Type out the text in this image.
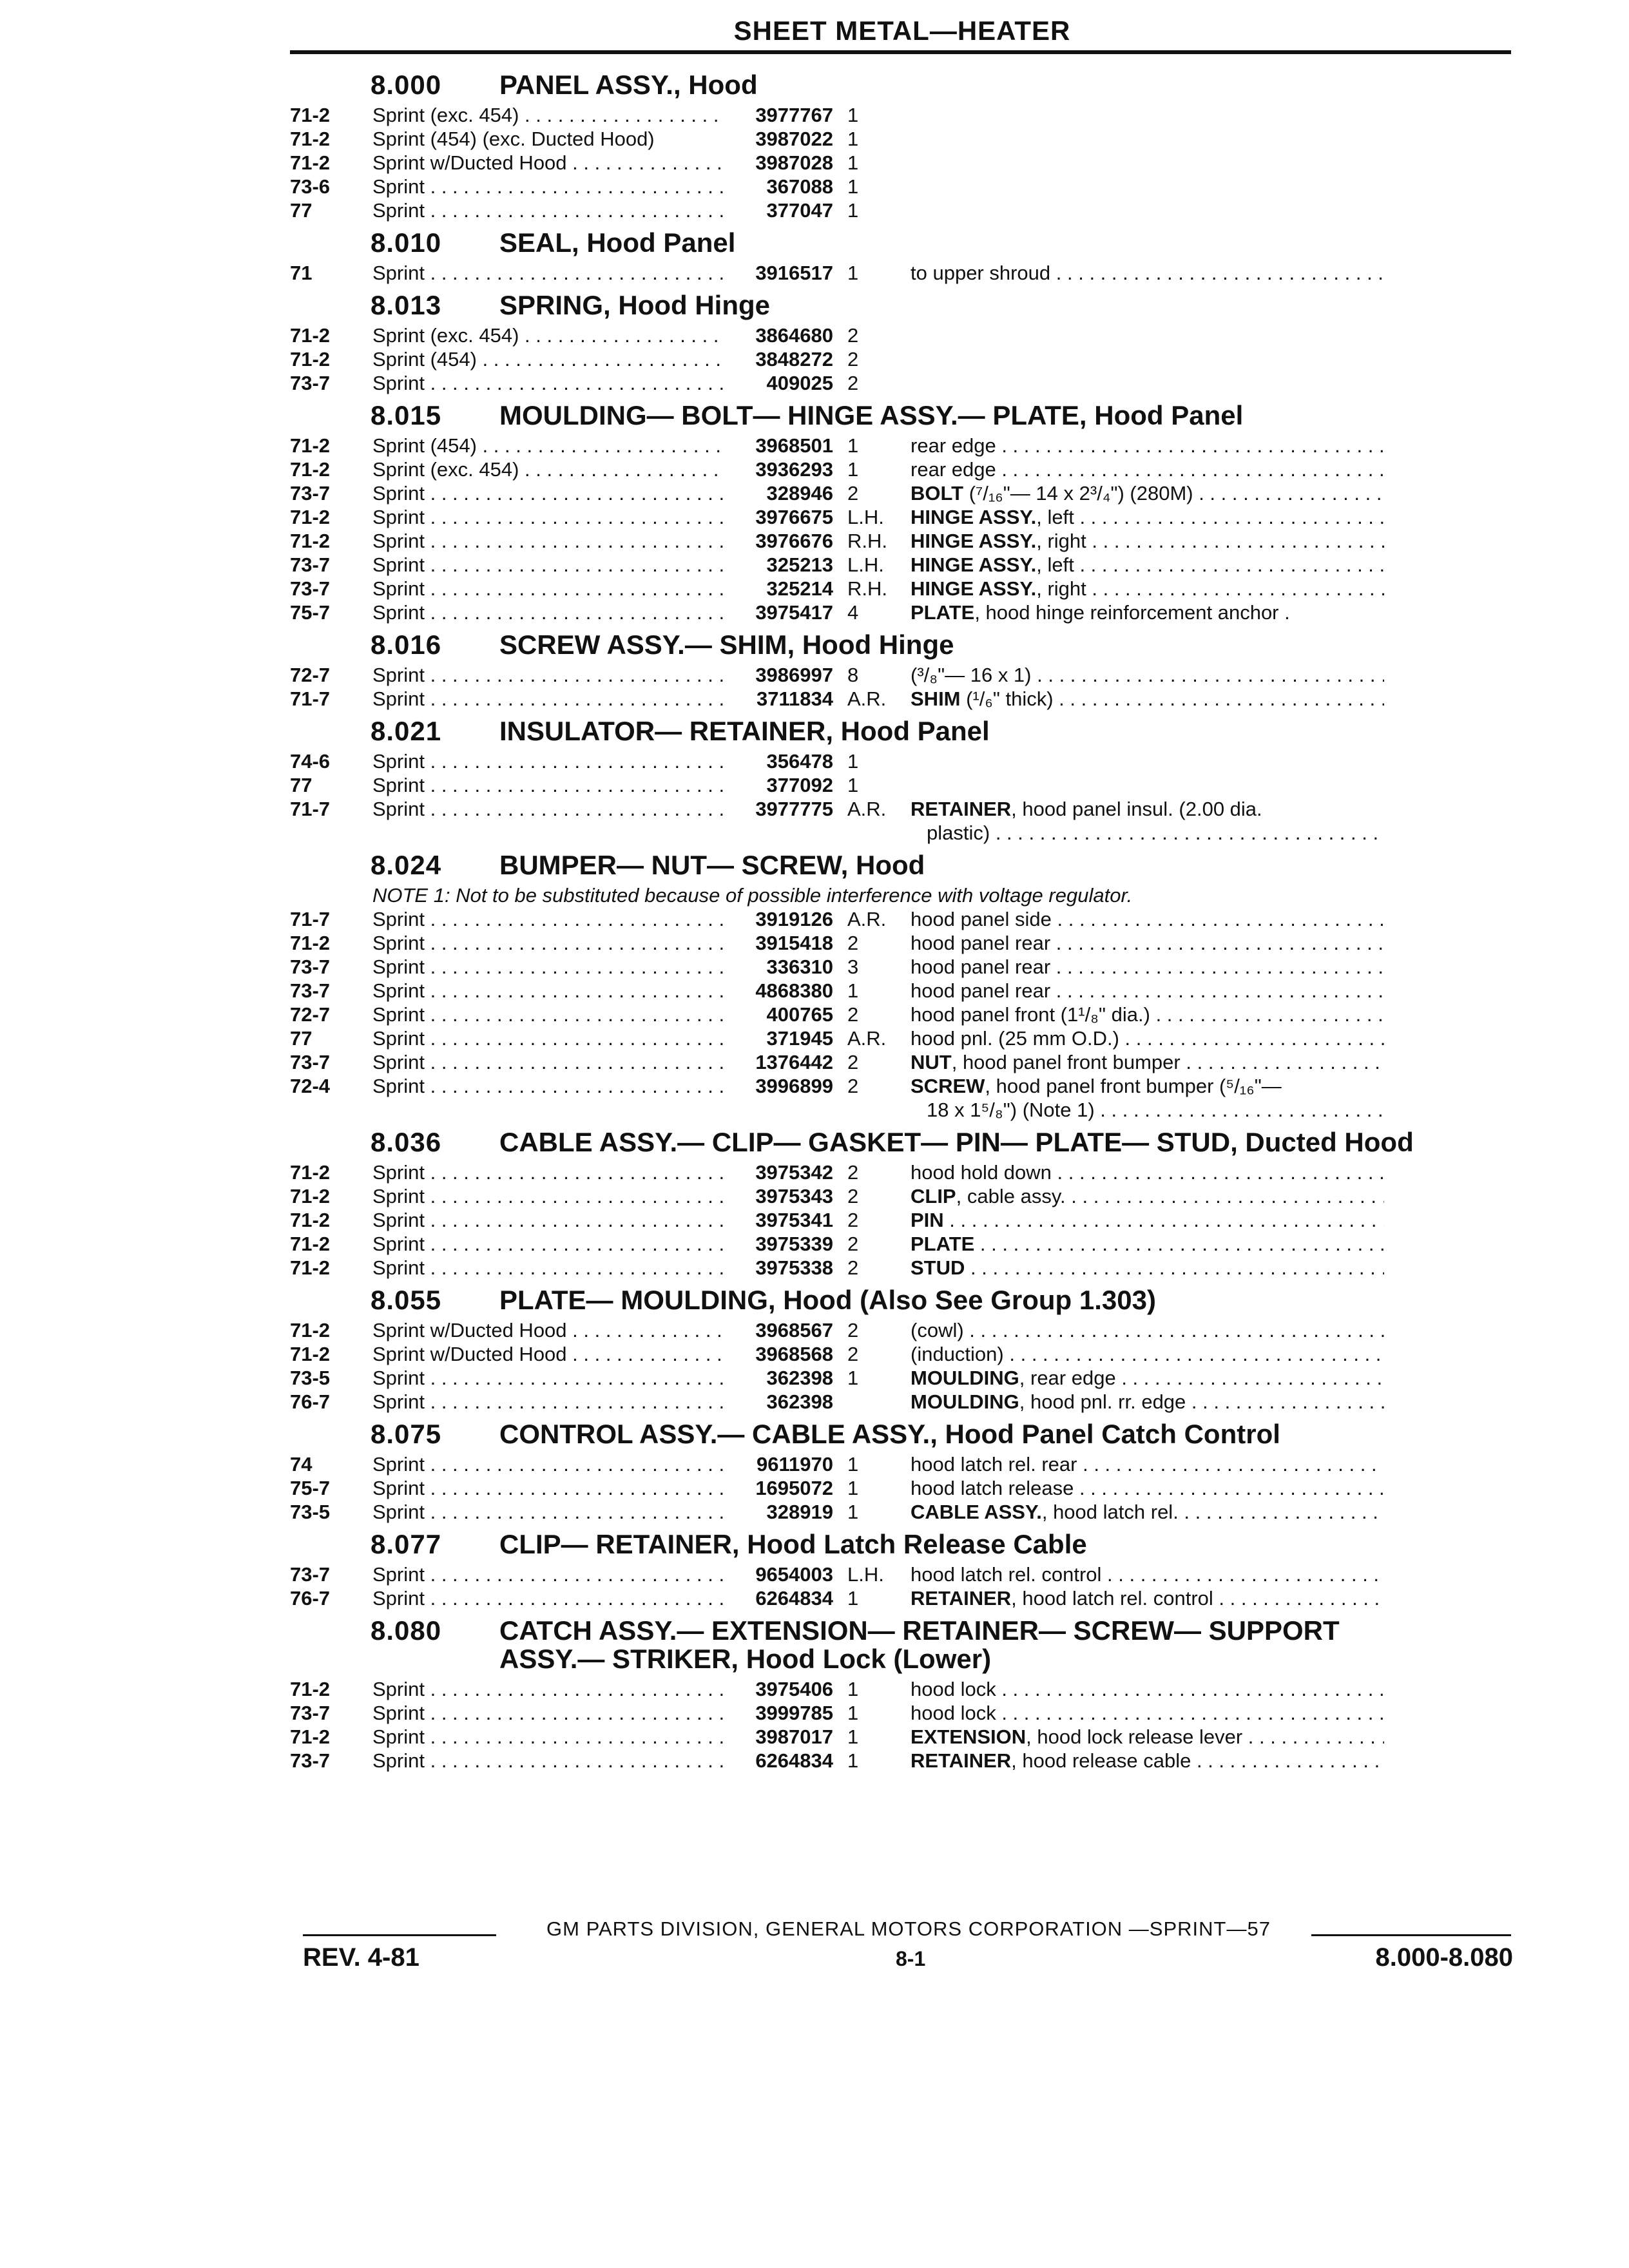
SHEET METAL—HEATER
8.000	PANEL ASSY., Hood
71-2	Sprint (exc. 454) . . .	3977767 1
71-2	Sprint (454) (exc. Ducted Hood)	3987022 1
71-2	Sprint w/Ducted Hood . . .	3987028 1
73-6	Sprint . . .	367088 1
77	Sprint . . .	377047 1
8.010	SEAL, Hood Panel
71	Sprint . . .	3916517 1	to upper shroud . . .
8.013	SPRING, Hood Hinge
71-2	Sprint (exc. 454) . . .	3864680 2
71-2	Sprint (454) . . .	3848272 2
73-7	Sprint . . .	409025 2
8.015	MOULDING— BOLT— HINGE ASSY.— PLATE, Hood Panel
71-2	Sprint (454) . . .	3968501 1	rear edge . . .
71-2	Sprint (exc. 454) . . .	3936293 1	rear edge . . .
73-7	Sprint . . .	328946 2	BOLT (⁷/₁₆"— 14 x 2³/₄") (280M) . . .
71-2	Sprint . . .	3976675 L.H.	HINGE ASSY., left . . .
71-2	Sprint . . .	3976676 R.H.	HINGE ASSY., right . . .
73-7	Sprint . . .	325213 L.H.	HINGE ASSY., left . . .
73-7	Sprint . . .	325214 R.H.	HINGE ASSY., right . . .
75-7	Sprint . . .	3975417 4	PLATE, hood hinge reinforcement anchor .
8.016	SCREW ASSY.— SHIM, Hood Hinge
72-7	Sprint . . .	3986997 8	(³/₈"— 16 x 1) . . .
71-7	Sprint . . .	3711834 A.R.	SHIM (¹/₆" thick) . . .
8.021	INSULATOR— RETAINER, Hood Panel
74-6	Sprint . . .	356478 1
77	Sprint . . .	377092 1
71-7	Sprint . . .	3977775 A.R.	RETAINER, hood panel insul. (2.00 dia.
plastic) . . .
8.024	BUMPER— NUT— SCREW, Hood
NOTE 1: Not to be substituted because of possible interference with voltage regulator.
71-7	Sprint . . .	3919126 A.R.	hood panel side . . .
71-2	Sprint . . .	3915418 2	hood panel rear . . .
73-7	Sprint . . .	336310 3	hood panel rear . . .
73-7	Sprint . . .	4868380 1	hood panel rear . . .
72-7	Sprint . . .	400765 2	hood panel front (1¹/₈" dia.) . . .
77	Sprint . . .	371945 A.R.	hood pnl. (25 mm O.D.) . . .
73-7	Sprint . . .	1376442 2	NUT, hood panel front bumper . . .
72-4	Sprint . . .	3996899 2	SCREW, hood panel front bumper (⁵/₁₆"—
18 x 1⁵/₈") (Note 1) . . .
8.036	CABLE ASSY.— CLIP— GASKET— PIN— PLATE— STUD, Ducted Hood
71-2	Sprint . . .	3975342 2	hood hold down . . .
71-2	Sprint . . .	3975343 2	CLIP, cable assy. . . .
71-2	Sprint . . .	3975341 2	PIN . . .
71-2	Sprint . . .	3975339 2	PLATE . . .
71-2	Sprint . . .	3975338 2	STUD . . .
8.055	PLATE— MOULDING, Hood (Also See Group 1.303)
71-2	Sprint w/Ducted Hood . . .	3968567 2	(cowl) . . .
71-2	Sprint w/Ducted Hood . . .	3968568 2	(induction) . . .
73-5	Sprint . . .	362398 1	MOULDING, rear edge . . .
76-7	Sprint . . .	362398	MOULDING, hood pnl. rr. edge . . .
8.075	CONTROL ASSY.— CABLE ASSY., Hood Panel Catch Control
74	Sprint . . .	9611970 1	hood latch rel. rear . . .
75-7	Sprint . . .	1695072 1	hood latch release . . .
73-5	Sprint . . .	328919 1	CABLE ASSY., hood latch rel. . . .
8.077	CLIP— RETAINER, Hood Latch Release Cable
73-7	Sprint . . .	9654003 L.H.	hood latch rel. control . . .
76-7	Sprint . . .	6264834 1	RETAINER, hood latch rel. control . . .
8.080	CATCH ASSY.— EXTENSION— RETAINER— SCREW— SUPPORT
ASSY.— STRIKER, Hood Lock (Lower)
71-2	Sprint . . .	3975406 1	hood lock . . .
73-7	Sprint . . .	3999785 1	hood lock . . .
71-2	Sprint . . .	3987017 1	EXTENSION, hood lock release lever . . .
73-7	Sprint . . .	6264834 1	RETAINER, hood release cable . . .
GM PARTS DIVISION, GENERAL MOTORS CORPORATION —SPRINT—57
REV. 4-81	8-1	8.000-8.080
